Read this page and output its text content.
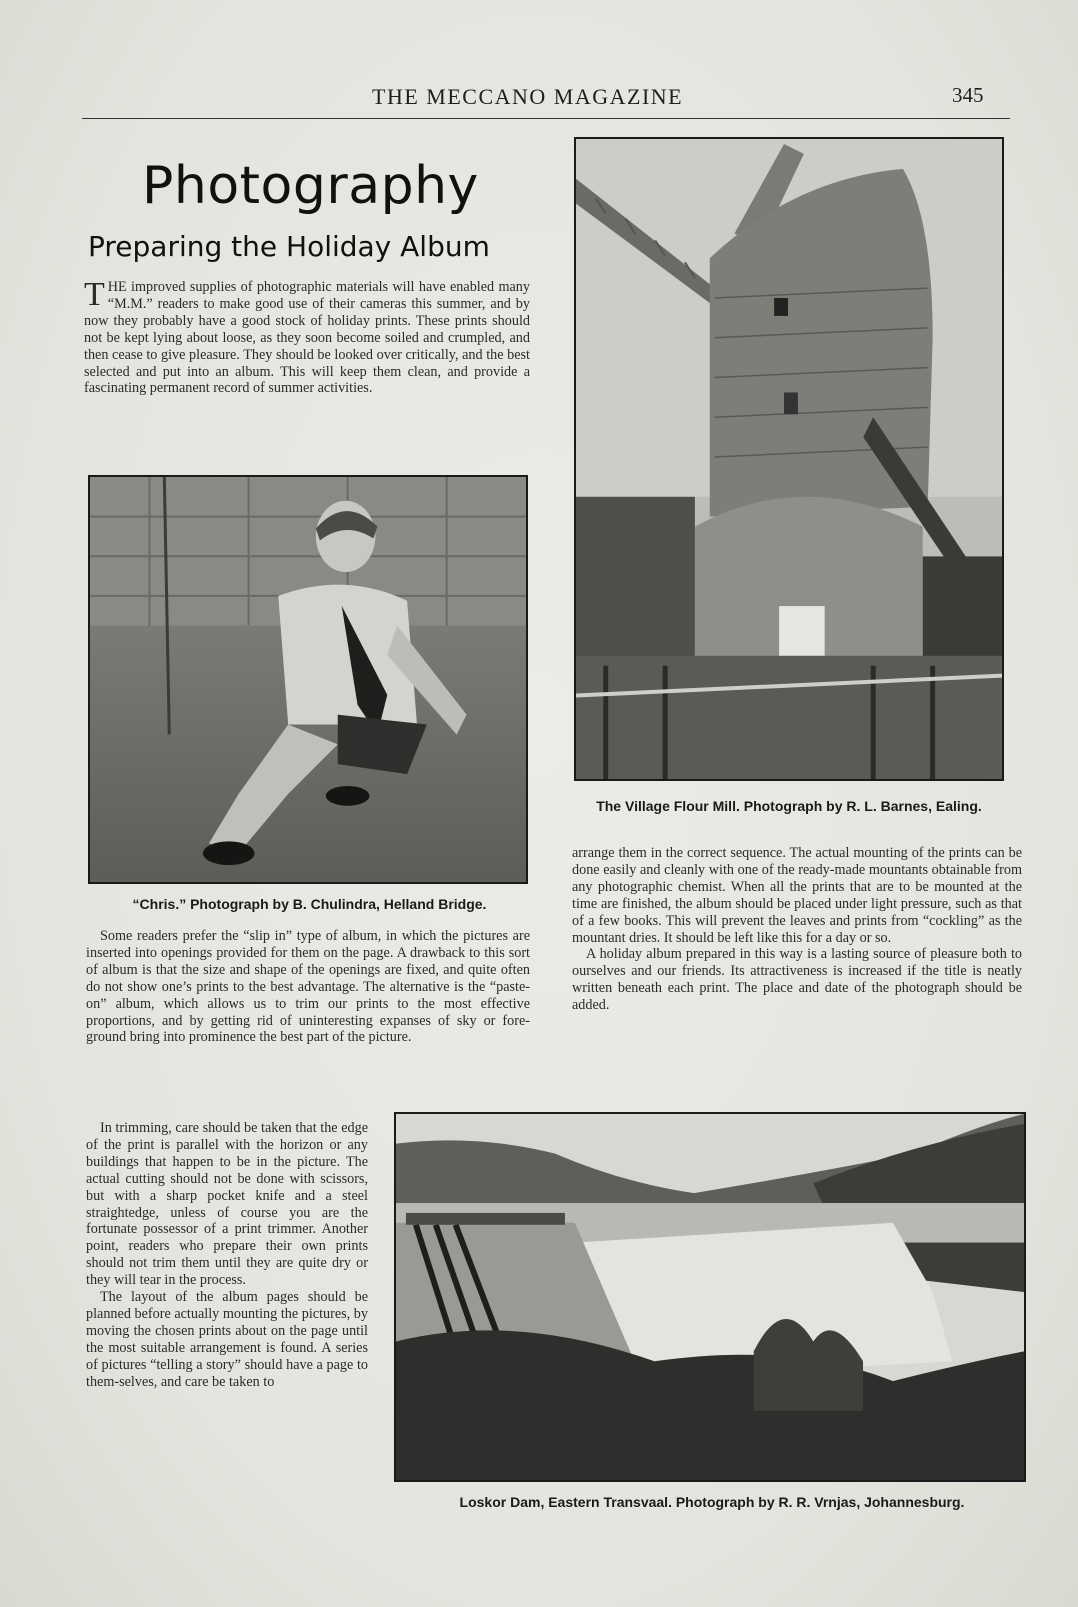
THE MECCANO MAGAZINE	345
Photography
Preparing the Holiday Album
THE improved supplies of photographic materials will have enabled many “M.M.” readers to make good use of their cameras this summer, and by now they probably have a good stock of holiday prints. These prints should not be kept lying about loose, as they soon become soiled and crumpled, and then cease to give pleasure. They should be looked over critically, and the best selected and put into an album. This will keep them clean, and provide a fascinating permanent record of summer activities.
“Chris.” Photograph by B. Chulindra, Helland Bridge.
The Village Flour Mill. Photograph by R. L. Barnes, Ealing.

Some readers prefer the “slip in” type of album, in which the pictures are inserted into openings provided for them on the page. A drawback to this sort of album is that the size and shape of the openings are fixed, and quite often do not show one’s prints to the best advantage. The alternative is the “paste-on” album, which allows us to trim our prints to the most effective proportions, and by getting rid of uninteresting expanses of sky or fore-ground bring into prominence the best part of the picture.

In trimming, care should be taken that the edge of the print is parallel with the horizon or any buildings that happen to be in the picture. The actual cutting should not be done with scissors, but with a sharp pocket knife and a steel straightedge, unless of course you are the fortunate possessor of a print trimmer. Another point, readers who prepare their own prints should not trim them until they are quite dry or they will tear in the process.

The layout of the album pages should be planned before actually mounting the pictures, by moving the chosen prints about on the page until the most suitable arrangement is found. A series of pictures “telling a story” should have a page to them-selves, and care be taken to

arrange them in the correct sequence. The actual mounting of the prints can be done easily and cleanly with one of the ready-made mountants obtainable from any photographic chemist. When all the prints that are to be mounted at the time are finished, the album should be placed under light pressure, such as that of a few books. This will prevent the leaves and prints from “cockling” as the mountant dries. It should be left like this for a day or so.

A holiday album prepared in this way is a lasting source of pleasure both to ourselves and our friends. Its attractiveness is increased if the title is neatly written beneath each print. The place and date of the photograph should be added.

Loskor Dam, Eastern Transvaal. Photograph by R. R. Vrnjas, Johannesburg.
